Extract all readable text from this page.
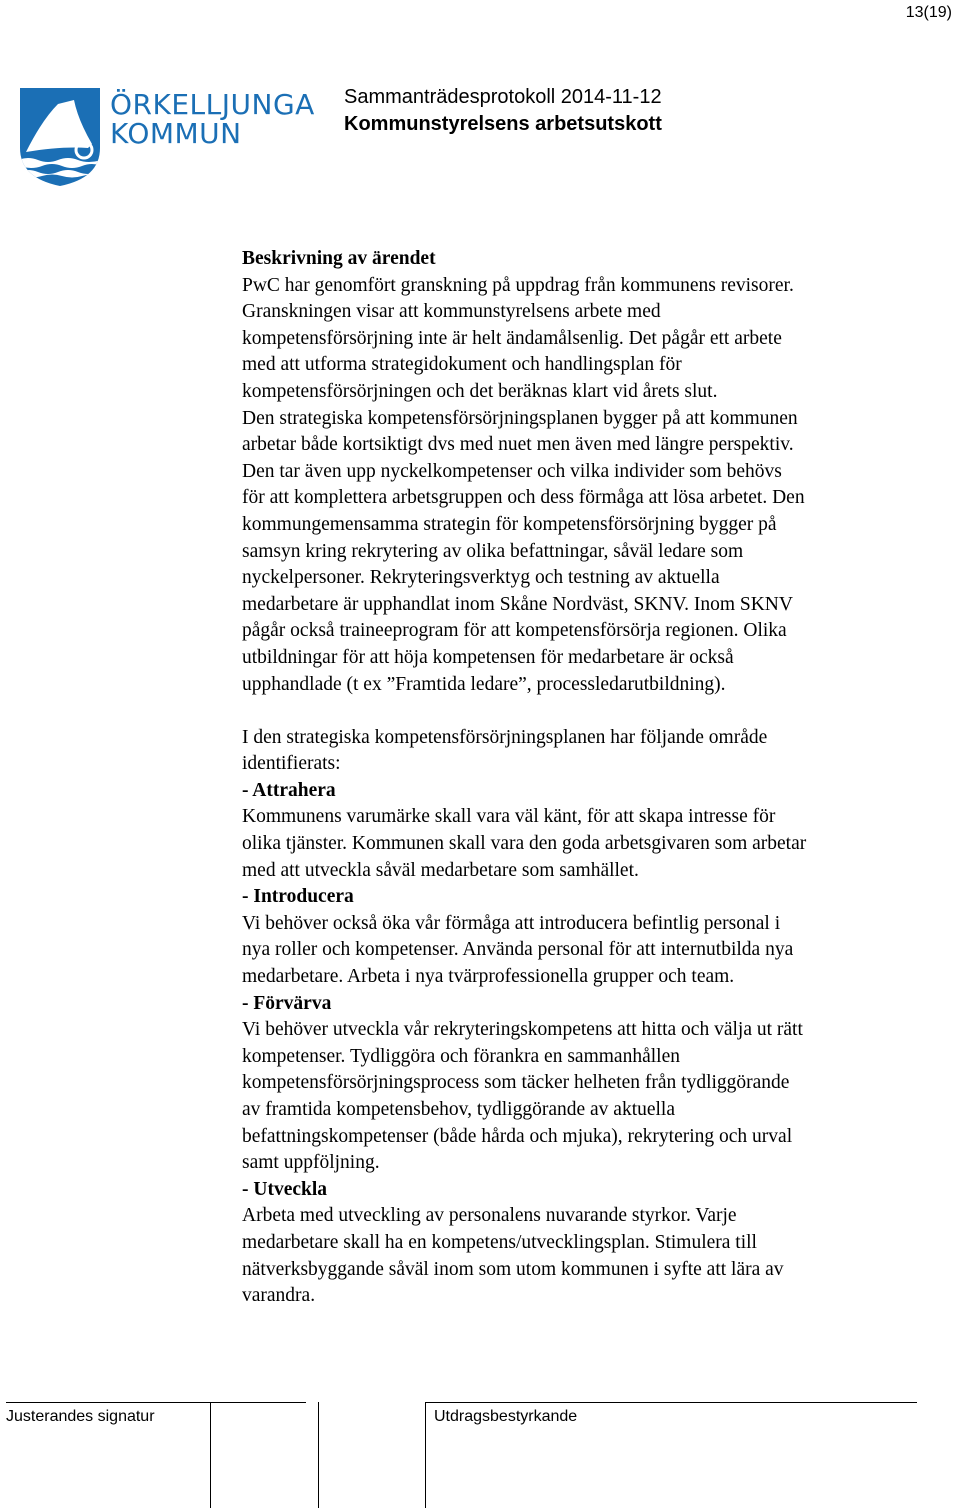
13(19)
ÖRKELLJUNGA
KOMMUN
Sammanträdesprotokoll 2014-11-12
Kommunstyrelsens arbetsutskott

Beskrivning av ärendet

PwC har genomfört granskning på uppdrag från kommunens revisorer.

Granskningen visar att kommunstyrelsens arbete med

kompetensförsörjning inte är helt ändamålsenlig. Det pågår ett arbete

med att utforma strategidokument och handlingsplan för

kompetensförsörjningen och det beräknas klart vid årets slut.

Den strategiska kompetensförsörjningsplanen bygger på att kommunen

arbetar både kortsiktigt dvs med nuet men även med längre perspektiv.

Den tar även upp nyckelkompetenser och vilka individer som behövs

för att komplettera arbetsgruppen och dess förmåga att lösa arbetet. Den

kommungemensamma strategin för kompetensförsörjning bygger på

samsyn kring rekrytering av olika befattningar, såväl ledare som

nyckelpersoner. Rekryteringsverktyg och testning av aktuella

medarbetare är upphandlat inom Skåne Nordväst, SKNV. Inom SKNV

pågår också traineeprogram för att kompetensförsörja regionen. Olika

utbildningar för att höja kompetensen för medarbetare är också

upphandlade (t ex ”Framtida ledare”, processledarutbildning).

I den strategiska kompetensförsörjningsplanen har följande område

identifierats:

- Attrahera

Kommunens varumärke skall vara väl känt, för att skapa intresse för

olika tjänster. Kommunen skall vara den goda arbetsgivaren som arbetar

med att utveckla såväl medarbetare som samhället.

- Introducera

Vi behöver också öka vår förmåga att introducera befintlig personal i

nya roller och kompetenser. Använda personal för att internutbilda nya

medarbetare. Arbeta i nya tvärprofessionella grupper och team.

- Förvärva

Vi behöver utveckla vår rekryteringskompetens att hitta och välja ut rätt

kompetenser. Tydliggöra och förankra en sammanhållen

kompetensförsörjningsprocess som täcker helheten från tydliggörande

av framtida kompetensbehov, tydliggörande av aktuella

befattningskompetenser (både hårda och mjuka), rekrytering och urval

samt uppföljning.

- Utveckla

Arbeta med utveckling av personalens nuvarande styrkor. Varje

medarbetare skall ha en kompetens/utvecklingsplan. Stimulera till

nätverksbyggande såväl inom som utom kommunen i syfte att lära av

varandra.

Justerandes signatur	Utdragsbestyrkande
